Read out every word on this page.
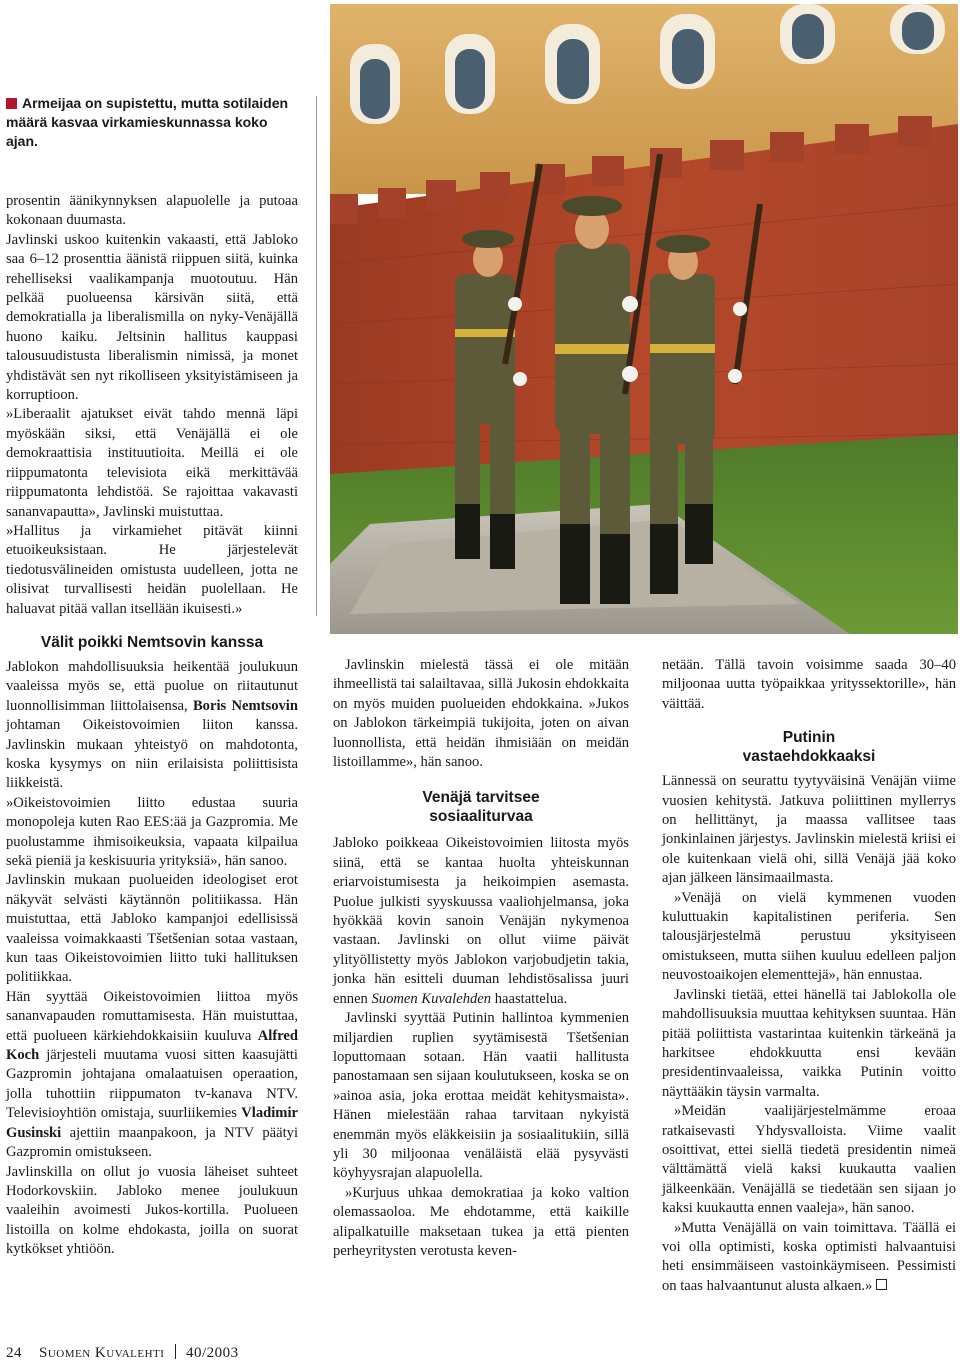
Armeijaa on supistettu, mutta sotilaiden määrä kasvaa virkamieskunnassa koko ajan.

prosentin äänikynnyksen alapuolelle ja putoaa kokonaan duumasta.

Javlinski uskoo kuitenkin vakaasti, että Jabloko saa 6–12 prosenttia äänistä riippuen siitä, kuinka rehelliseksi vaalikampanja muotoutuu. Hän pelkää puolueensa kärsivän siitä, että demokratialla ja liberalismilla on nyky-Venäjällä huono kaiku. Jeltsinin hallitus kauppasi talousuudistusta liberalismin nimissä, ja monet yhdistävät sen nyt rikolliseen yksityistämiseen ja korruptioon.

»Liberaalit ajatukset eivät tahdo mennä läpi myöskään siksi, että Venäjällä ei ole demokraattisia instituutioita. Meillä ei ole riippumatonta televisiota eikä merkittävää riippumatonta lehdistöä. Se rajoittaa vakavasti sananvapautta», Javlinski muistuttaa.

»Hallitus ja virkamiehet pitävät kiinni etuoikeuksistaan. He järjestelevät tiedotusvälineiden omistusta uudelleen, jotta ne olisivat turvallisesti heidän puolellaan. He haluavat pitää vallan itsellään ikuisesti.»

Välit poikki Nemtsovin kanssa

Jablokon mahdollisuuksia heikentää joulukuun vaaleissa myös se, että puolue on riitautunut luonnollisimman liittolaisensa, Boris Nemtsovin johtaman Oikeistovoimien liiton kanssa. Javlinskin mukaan yhteistyö on mahdotonta, koska kysymys on niin erilaisista poliittisista liikkeistä.

»Oikeistovoimien liitto edustaa suuria monopoleja kuten Rao EES:ää ja Gazpromia. Me puolustamme ihmisoikeuksia, vapaata kilpailua sekä pieniä ja keskisuuria yrityksiä», hän sanoo.

Javlinskin mukaan puolueiden ideologiset erot näkyvät selvästi käytännön politiikassa. Hän muistuttaa, että Jabloko kampanjoi edellisissä vaaleissa voimakkaasti Tšetšenian sotaa vastaan, kun taas Oikeistovoimien liitto tuki hallituksen politiikkaa.

Hän syyttää Oikeistovoimien liittoa myös sananvapauden romuttamisesta. Hän muistuttaa, että puolueen kärkiehdokkaisiin kuuluva Alfred Koch järjesteli muutama vuosi sitten kaasujätti Gazpromin johtajana omalaatuisen operaation, jolla tuhottiin riippumaton tv-kanava NTV. Televisioyhtiön omistaja, suurliikemies Vladimir Gusinski ajettiin maanpakoon, ja NTV päätyi Gazpromin omistukseen.

Javlinskilla on ollut jo vuosia läheiset suhteet Hodorkovskiin. Jabloko menee joulukuun vaaleihin avoimesti Jukos-kortilla. Puolueen listoilla on kolme ehdokasta, joilla on suorat kytkökset yhtiöön.

Javlinskin mielestä tässä ei ole mitään ihmeellistä tai salailtavaa, sillä Jukosin ehdokkaita on myös muiden puolueiden ehdokkaina. »Jukos on Jablokon tärkeimpiä tukijoita, joten on aivan luonnollista, että heidän ihmisiään on meidän listoillamme», hän sanoo.

Venäjä tarvitsee sosiaaliturvaa

Jabloko poikkeaa Oikeistovoimien liitosta myös siinä, että se kantaa huolta yhteiskunnan eriarvoistumisesta ja heikoimpien asemasta. Puolue julkisti syyskuussa vaaliohjelmansa, joka hyökkää kovin sanoin Venäjän nykymenoa vastaan. Javlinski on ollut viime päivät ylityöllistetty myös Jablokon varjobudjetin takia, jonka hän esitteli duuman lehdistösalissa juuri ennen Suomen Kuvalehden haastattelua.

Javlinski syyttää Putinin hallintoa kymmenien miljardien ruplien syytämisestä Tšetšenian loputtomaan sotaan. Hän vaatii hallitusta panostamaan sen sijaan koulutukseen, koska se on »ainoa asia, joka erottaa meidät kehitysmaista». Hänen mielestään rahaa tarvitaan nykyistä enemmän myös eläkkeisiin ja sosiaalitukiin, sillä yli 30 miljoonaa venäläistä elää pysyvästi köyhyysrajan alapuolella.

»Kurjuus uhkaa demokratiaa ja koko valtion olemassaoloa. Me ehdotamme, että kaikille alipalkatuille maksetaan tukea ja että pienten perheyritysten verotusta keven-

netään. Tällä tavoin voisimme saada 30–40 miljoonaa uutta työpaikkaa yrityssektorille», hän väittää.

Putinin vastaehdokkaaksi

Lännessä on seurattu tyytyväisinä Venäjän viime vuosien kehitystä. Jatkuva poliittinen myllerrys on hellittänyt, ja maassa vallitsee taas jonkinlainen järjestys. Javlinskin mielestä kriisi ei ole kuitenkaan vielä ohi, sillä Venäjä jää koko ajan jälkeen länsimaailmasta.

»Venäjä on vielä kymmenen vuoden kuluttuakin kapitalistinen periferia. Sen talousjärjestelmä perustuu yksityiseen omistukseen, mutta siihen kuuluu edelleen paljon neuvostoaikojen elementtejä», hän ennustaa.

Javlinski tietää, ettei hänellä tai Jablokolla ole mahdollisuuksia muuttaa kehityksen suuntaa. Hän pitää poliittista vastarintaa kuitenkin tärkeänä ja harkitsee ehdokkuutta ensi kevään presidentinvaaleissa, vaikka Putinin voitto näyttääkin täysin varmalta.

»Meidän vaalijärjestelmämme eroaa ratkaisevasti Yhdysvalloista. Viime vaalit osoittivat, ettei siellä tiedetä presidentin nimeä välttämättä vielä kaksi kuukautta vaalien jälkeenkään. Venäjällä se tiedetään sen sijaan jo kaksi kuukautta ennen vaaleja», hän sanoo.

»Mutta Venäjällä on vain toimittava. Täällä ei voi olla optimisti, koska optimisti halvaantuisi heti ensimmäiseen vastoinkäymiseen. Pessimisti on taas halvaantunut alusta alkaen.»

24 Suomen Kuvalehti 40/2003
